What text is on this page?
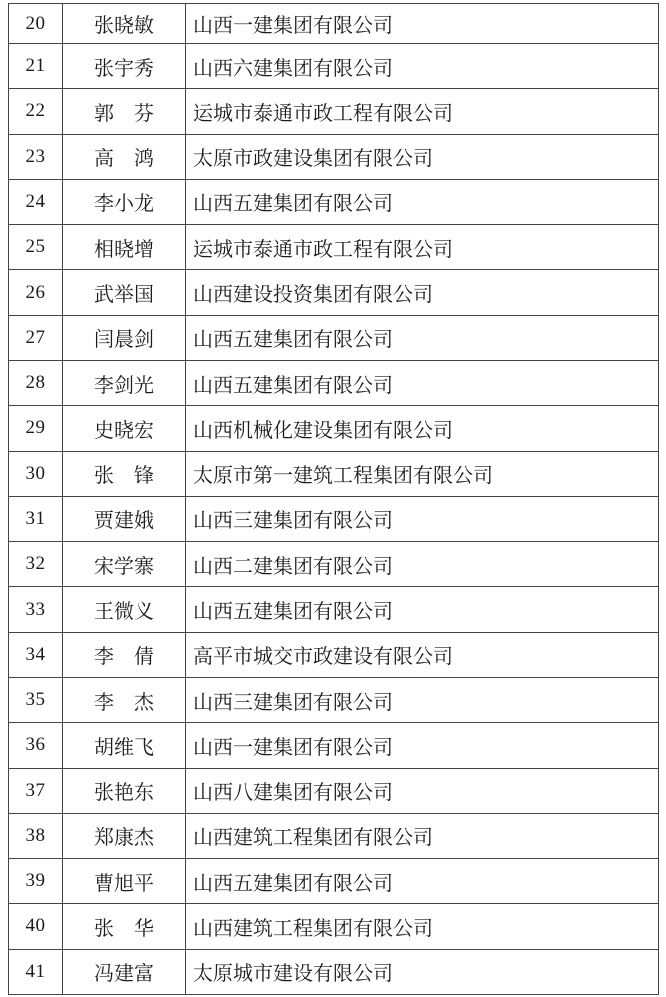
20	张晓敏	山西一建集团有限公司
21	张宇秀	山西六建集团有限公司
22	郭　芬	运城市泰通市政工程有限公司
23	高　鸿	太原市政建设集团有限公司
24	李小龙	山西五建集团有限公司
25	相晓增	运城市泰通市政工程有限公司
26	武举国	山西建设投资集团有限公司
27	闫晨剑	山西五建集团有限公司
28	李剑光	山西五建集团有限公司
29	史晓宏	山西机械化建设集团有限公司
30	张　锋	太原市第一建筑工程集团有限公司
31	贾建娥	山西三建集团有限公司
32	宋学寨	山西二建集团有限公司
33	王微义	山西五建集团有限公司
34	李　倩	高平市城交市政建设有限公司
35	李　杰	山西三建集团有限公司
36	胡维飞	山西一建集团有限公司
37	张艳东	山西八建集团有限公司
38	郑康杰	山西建筑工程集团有限公司
39	曹旭平	山西五建集团有限公司
40	张　华	山西建筑工程集团有限公司
41	冯建富	太原城市建设有限公司
